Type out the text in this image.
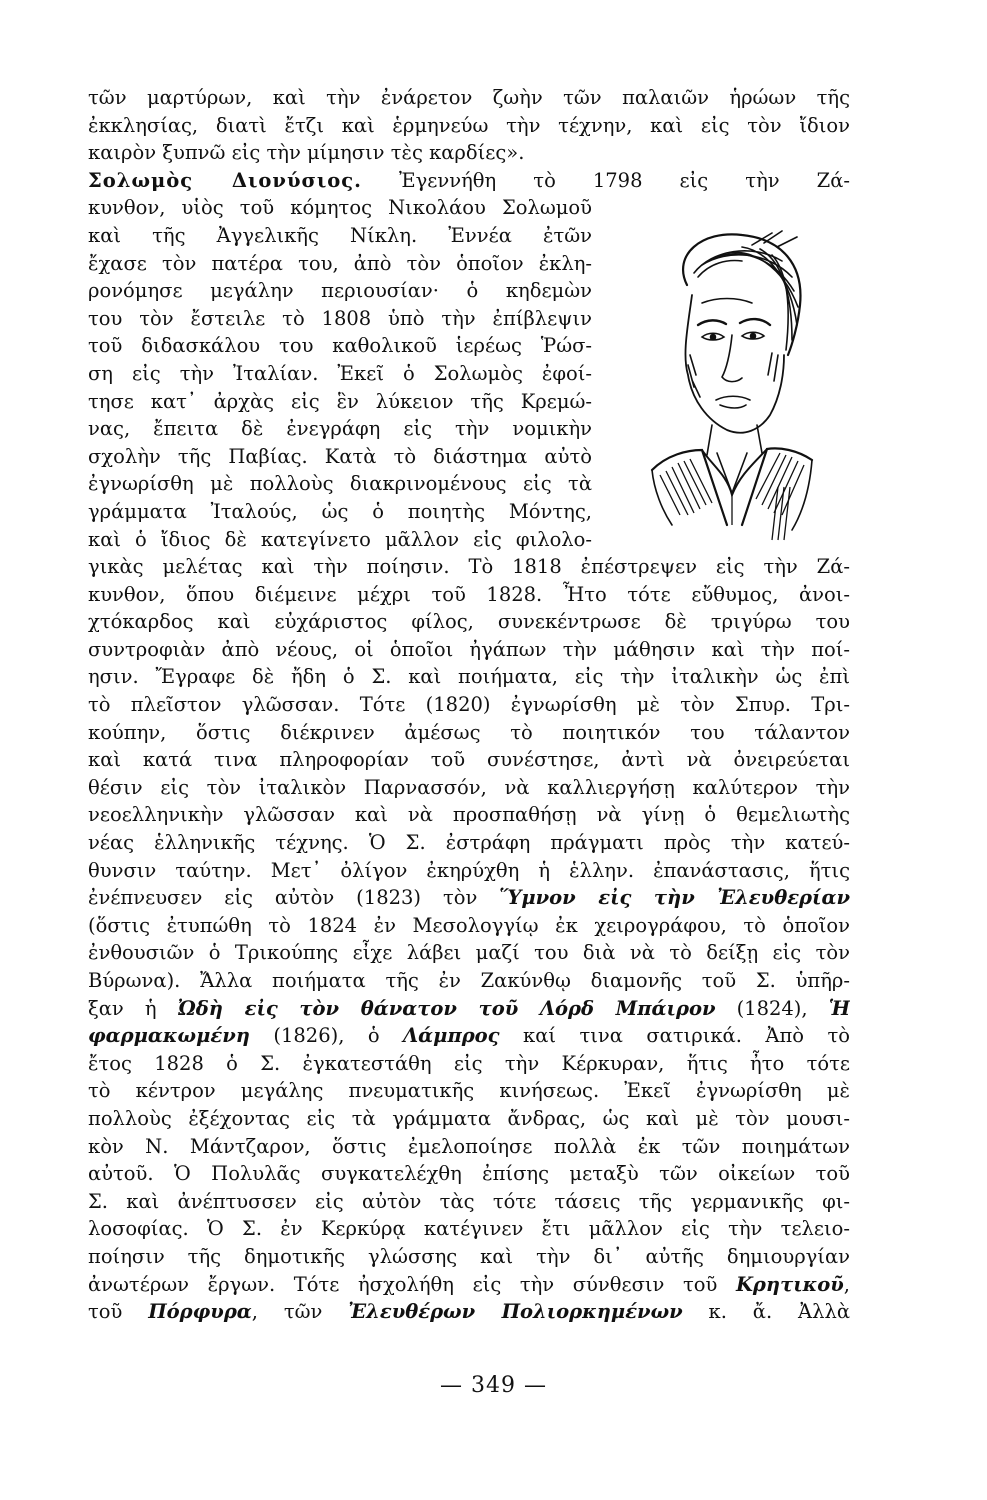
τῶν μαρτύρων, καὶ τὴν ἐνάρετον ζωὴν τῶν παλαιῶν ἡρώων τῆς
ἐκκλησίας, διατὶ ἔτζι καὶ ἑρμηνεύω τὴν τέχνην, καὶ εἰς τὸν ἴδιον
καιρὸν ξυπνῶ εἰς τὴν μίμησιν τὲς καρδίες».
Σολωμὸς Διονύσιος. Ἐγεννήθη τὸ 1798 εἰς τὴν Ζά-
κυνθον, υἱὸς τοῦ κόμητος Νικολάου Σολωμοῦ
καὶ τῆς Ἀγγελικῆς Νίκλη. Ἐννέα ἐτῶν
ἔχασε τὸν πατέρα του, ἀπὸ τὸν ὁποῖον ἐκλη-
ρονόμησε μεγάλην περιουσίαν· ὁ κηδεμὼν
του τὸν ἔστειλε τὸ 1808 ὑπὸ τὴν ἐπίβλεψιν
τοῦ διδασκάλου του καθολικοῦ ἱερέως Ῥώσ-
ση εἰς τὴν Ἰταλίαν. Ἐκεῖ ὁ Σολωμὸς ἐφοί-
τησε κατ᾽ ἀρχὰς εἰς ἓν λύκειον τῆς Κρεμώ-
νας, ἔπειτα δὲ ἐνεγράφη εἰς τὴν νομικὴν
σχολὴν τῆς Παβίας. Κατὰ τὸ διάστημα αὐτὸ
ἐγνωρίσθη μὲ πολλοὺς διακρινομένους εἰς τὰ
γράμματα Ἰταλούς, ὡς ὁ ποιητὴς Μόντης,
καὶ ὁ ἴδιος δὲ κατεγίνετο μᾶλλον εἰς φιλολο-
γικὰς μελέτας καὶ τὴν ποίησιν. Τὸ 1818 ἐπέστρεψεν εἰς τὴν Ζά-
κυνθον, ὅπου διέμεινε μέχρι τοῦ 1828. Ἦτο τότε εὔθυμος, ἀνοι-
χτόκαρδος καὶ εὐχάριστος φίλος, συνεκέντρωσε δὲ τριγύρω του
συντροφιὰν ἀπὸ νέους, οἱ ὁποῖοι ἠγάπων τὴν μάθησιν καὶ τὴν ποί-
ησιν. Ἔγραφε δὲ ἤδη ὁ Σ. καὶ ποιήματα, εἰς τὴν ἰταλικὴν ὡς ἐπὶ
τὸ πλεῖστον γλῶσσαν. Τότε (1820) ἐγνωρίσθη μὲ τὸν Σπυρ. Τρι-
κούπην, ὅστις διέκρινεν ἀμέσως τὸ ποιητικόν του τάλαντον
καὶ κατά τινα πληροφορίαν τοῦ συνέστησε, ἀντὶ νὰ ὀνειρεύεται
θέσιν εἰς τὸν ἰταλικὸν Παρνασσόν, νὰ καλλιεργήσῃ καλύτερον τὴν
νεοελληνικὴν γλῶσσαν καὶ νὰ προσπαθήσῃ νὰ γίνῃ ὁ θεμελιωτὴς
νέας ἑλληνικῆς τέχνης. Ὁ Σ. ἐστράφη πράγματι πρὸς τὴν κατεύ-
θυνσιν ταύτην. Μετ᾽ ὀλίγον ἐκηρύχθη ἡ ἑλλην. ἐπανάστασις, ἥτις
ἐνέπνευσεν εἰς αὐτὸν (1823) τὸν Ὕμνον εἰς τὴν Ἐλευθερίαν
(ὅστις ἐτυπώθη τὸ 1824 ἐν Μεσολογγίῳ ἐκ χειρογράφου, τὸ ὁποῖον
ἐνθουσιῶν ὁ Τρικούπης εἶχε λάβει μαζί του διὰ νὰ τὸ δείξῃ εἰς τὸν
Βύρωνα). Ἄλλα ποιήματα τῆς ἐν Ζακύνθῳ διαμονῆς τοῦ Σ. ὑπῆρ-
ξαν ἡ Ὠδὴ εἰς τὸν θάνατον τοῦ Λόρδ Μπάιρον (1824), Ἡ
φαρμακωμένη (1826), ὁ Λάμπρος καί τινα σατιρικά. Ἀπὸ τὸ
ἔτος 1828 ὁ Σ. ἐγκατεστάθη εἰς τὴν Κέρκυραν, ἥτις ἦτο τότε
τὸ κέντρον μεγάλης πνευματικῆς κινήσεως. Ἐκεῖ ἐγνωρίσθη μὲ
πολλοὺς ἐξέχοντας εἰς τὰ γράμματα ἄνδρας, ὡς καὶ μὲ τὸν μουσι-
κὸν Ν. Μάντζαρον, ὅστις ἐμελοποίησε πολλὰ ἐκ τῶν ποιημάτων
αὐτοῦ. Ὁ Πολυλᾶς συγκατελέχθη ἐπίσης μεταξὺ τῶν οἰκείων τοῦ
Σ. καὶ ἀνέπτυσσεν εἰς αὐτὸν τὰς τότε τάσεις τῆς γερμανικῆς φι-
λοσοφίας. Ὁ Σ. ἐν Κερκύρᾳ κατέγινεν ἔτι μᾶλλον εἰς τὴν τελειο-
ποίησιν τῆς δημοτικῆς γλώσσης καὶ τὴν δι᾽ αὐτῆς δημιουργίαν
ἀνωτέρων ἔργων. Τότε ἠσχολήθη εἰς τὴν σύνθεσιν τοῦ Κρητικοῦ,
τοῦ Πόρφυρα, τῶν Ἐλευθέρων Πολιορκημένων κ. ἄ. Ἀλλὰ
— 349 —
